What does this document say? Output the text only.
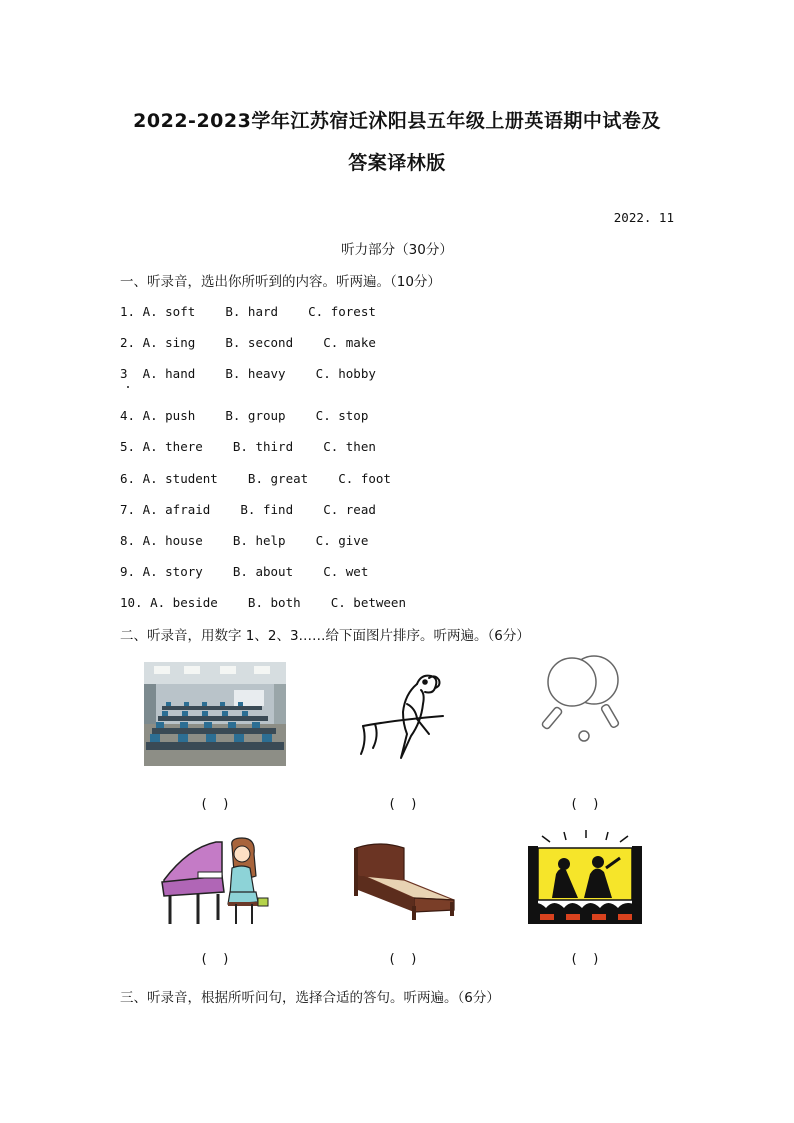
2022-2023学年江苏宿迁沭阳县五年级上册英语期中试卷及
答案译林版
2022. 11
听力部分（30分）
一、听录音，选出你所听到的内容。听两遍。（10分）
1. A. soft    B. hard    C. forest
2. A. sing    B. second    C. make
3  A. hand    B. heavy    C. hobby
4. A. push    B. group    C. stop
5. A. there    B. third    C. then
6. A. student    B. great    C. foot
7. A. afraid    B. find    C. read
8. A. house    B. help    C. give
9. A. story    B. about    C. wet
10. A. beside    B. both    C. between
二、听录音，用数字 1、2、3……给下面图片排序。听两遍。（6分）
(    )	(    )	(    )
(    )	(    )	(    )
三、听录音，根据所听问句，选择合适的答句。听两遍。（6分）
